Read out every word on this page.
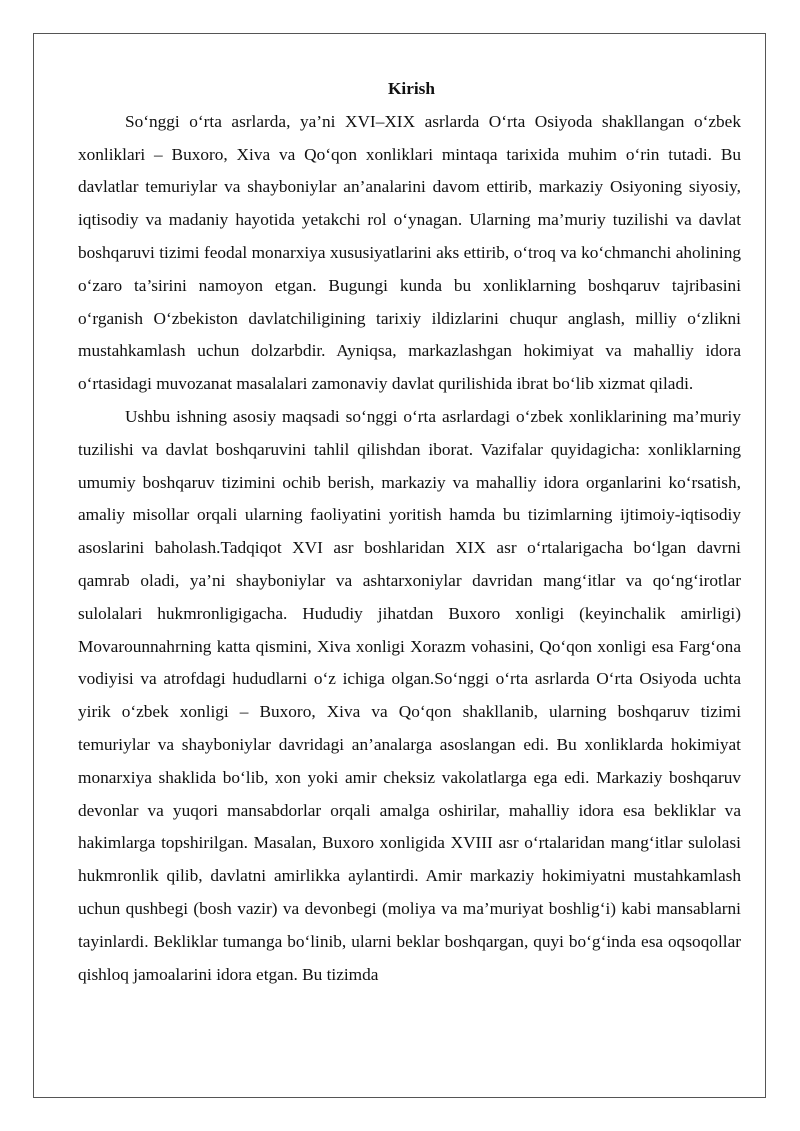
Kirish

So‘nggi o‘rta asrlarda, ya’ni XVI–XIX asrlarda O‘rta Osiyoda shakllangan o‘zbek xonliklari – Buxoro, Xiva va Qo‘qon xonliklari mintaqa tarixida muhim o‘rin tutadi. Bu davlatlar temuriylar va shayboniylar an’analarini davom ettirib, markaziy Osiyoning siyosiy, iqtisodiy va madaniy hayotida yetakchi rol o‘ynagan. Ularning ma’muriy tuzilishi va davlat boshqaruvi tizimi feodal monarxiya xususiyatlarini aks ettirib, o‘troq va ko‘chmanchi aholining o‘zaro ta’sirini namoyon etgan. Bugungi kunda bu xonliklarning boshqaruv tajribasini o‘rganish O‘zbekiston davlatchiligining tarixiy ildizlarini chuqur anglash, milliy o‘zlikni mustahkamlash uchun dolzarbdir. Ayniqsa, markazlashgan hokimiyat va mahalliy idora o‘rtasidagi muvozanat masalalari zamonaviy davlat qurilishida ibrat bo‘lib xizmat qiladi.

Ushbu ishning asosiy maqsadi so‘nggi o‘rta asrlardagi o‘zbek xonliklarining ma’muriy tuzilishi va davlat boshqaruvini tahlil qilishdan iborat. Vazifalar quyidagicha: xonliklarning umumiy boshqaruv tizimini ochib berish, markaziy va mahalliy idora organlarini ko‘rsatish, amaliy misollar orqali ularning faoliyatini yoritish hamda bu tizimlarning ijtimoiy-iqtisodiy asoslarini baholash.Tadqiqot XVI asr boshlaridan XIX asr o‘rtalarigacha bo‘lgan davrni qamrab oladi, ya’ni shayboniylar va ashtarxoniylar davridan mang‘itlar va qo‘ng‘irotlar sulolalari hukmronligigacha. Hududiy jihatdan Buxoro xonligi (keyinchalik amirligi) Movarounnahrning katta qismini, Xiva xonligi Xorazm vohasini, Qo‘qon xonligi esa Farg‘ona vodiyisi va atrofdagi hududlarni o‘z ichiga olgan.So‘nggi o‘rta asrlarda O‘rta Osiyoda uchta yirik o‘zbek xonligi – Buxoro, Xiva va Qo‘qon shakllanib, ularning boshqaruv tizimi temuriylar va shayboniylar davridagi an’analarga asoslangan edi. Bu xonliklarda hokimiyat monarxiya shaklida bo‘lib, xon yoki amir cheksiz vakolatlarga ega edi. Markaziy boshqaruv devonlar va yuqori mansabdorlar orqali amalga oshirilar, mahalliy idora esa bekliklar va hakimlarga topshirilgan. Masalan, Buxoro xonligida XVIII asr o‘rtalaridan mang‘itlar sulolasi hukmronlik qilib, davlatni amirlikka aylantirdi. Amir markaziy hokimiyatni mustahkamlash uchun qushbegi (bosh vazir) va devonbegi (moliya va ma’muriyat boshlig‘i) kabi mansablarni tayinlardi. Bekliklar tumanga bo‘linib, ularni beklar boshqargan, quyi bo‘g‘inda esa oqsoqollar qishloq jamoalarini idora etgan. Bu tizimda
